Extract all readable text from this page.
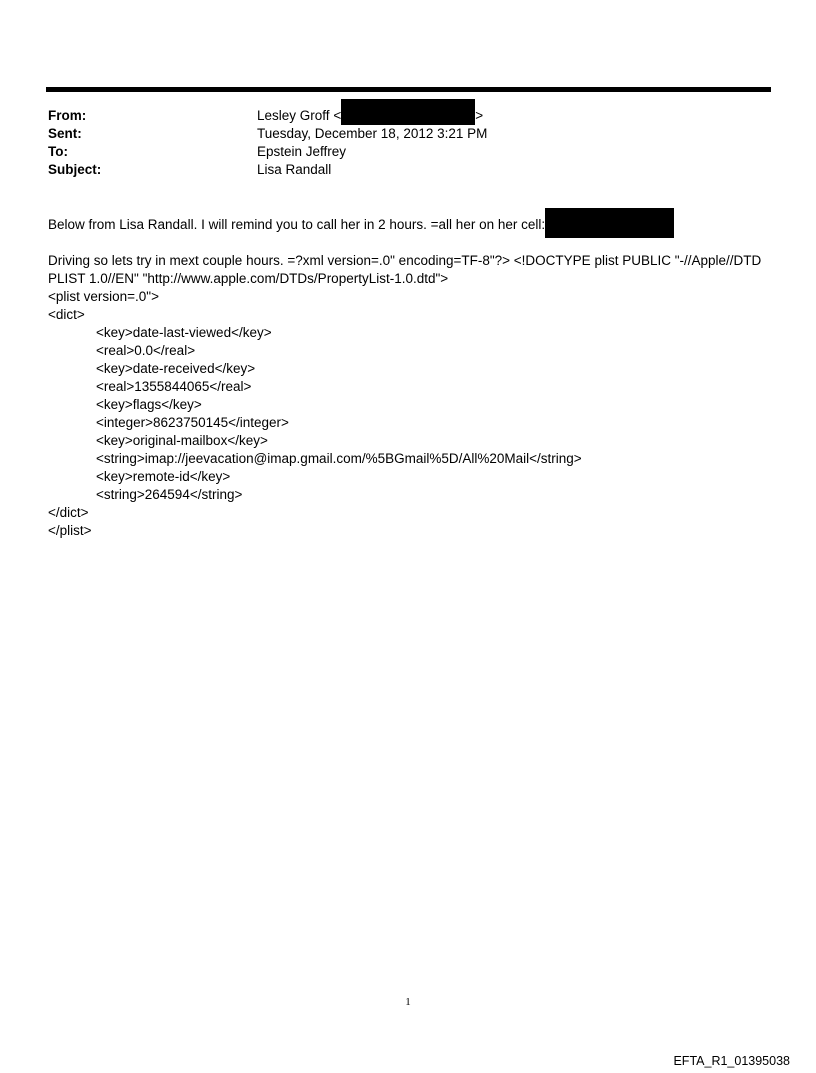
From:	Lesley Groff <	>
Sent:	Tuesday, December 18, 2012 3:21 PM
To:	Epstein Jeffrey
Subject:	Lisa Randall
Below from Lisa Randall. I will remind you to call her in 2 hours. =all her on her cell:
Driving so lets try in mext couple hours. =?xml version=.0" encoding=TF-8"?> <!DOCTYPE plist PUBLIC "-//Apple//DTD
PLIST 1.0//EN" "http://www.apple.com/DTDs/PropertyList-1.0.dtd">
<plist version=.0">
<dict>
<key>date-last-viewed</key>
<real>0.0</real>
<key>date-received</key>
<real>1355844065</real>
<key>flags</key>
<integer>8623750145</integer>
<key>original-mailbox</key>
<string>imap://jeevacation@imap.gmail.com/%5BGmail%5D/All%20Mail</string>
<key>remote-id</key>
<string>264594</string>
</dict>
</plist>
1
EFTA_R1_01395038
